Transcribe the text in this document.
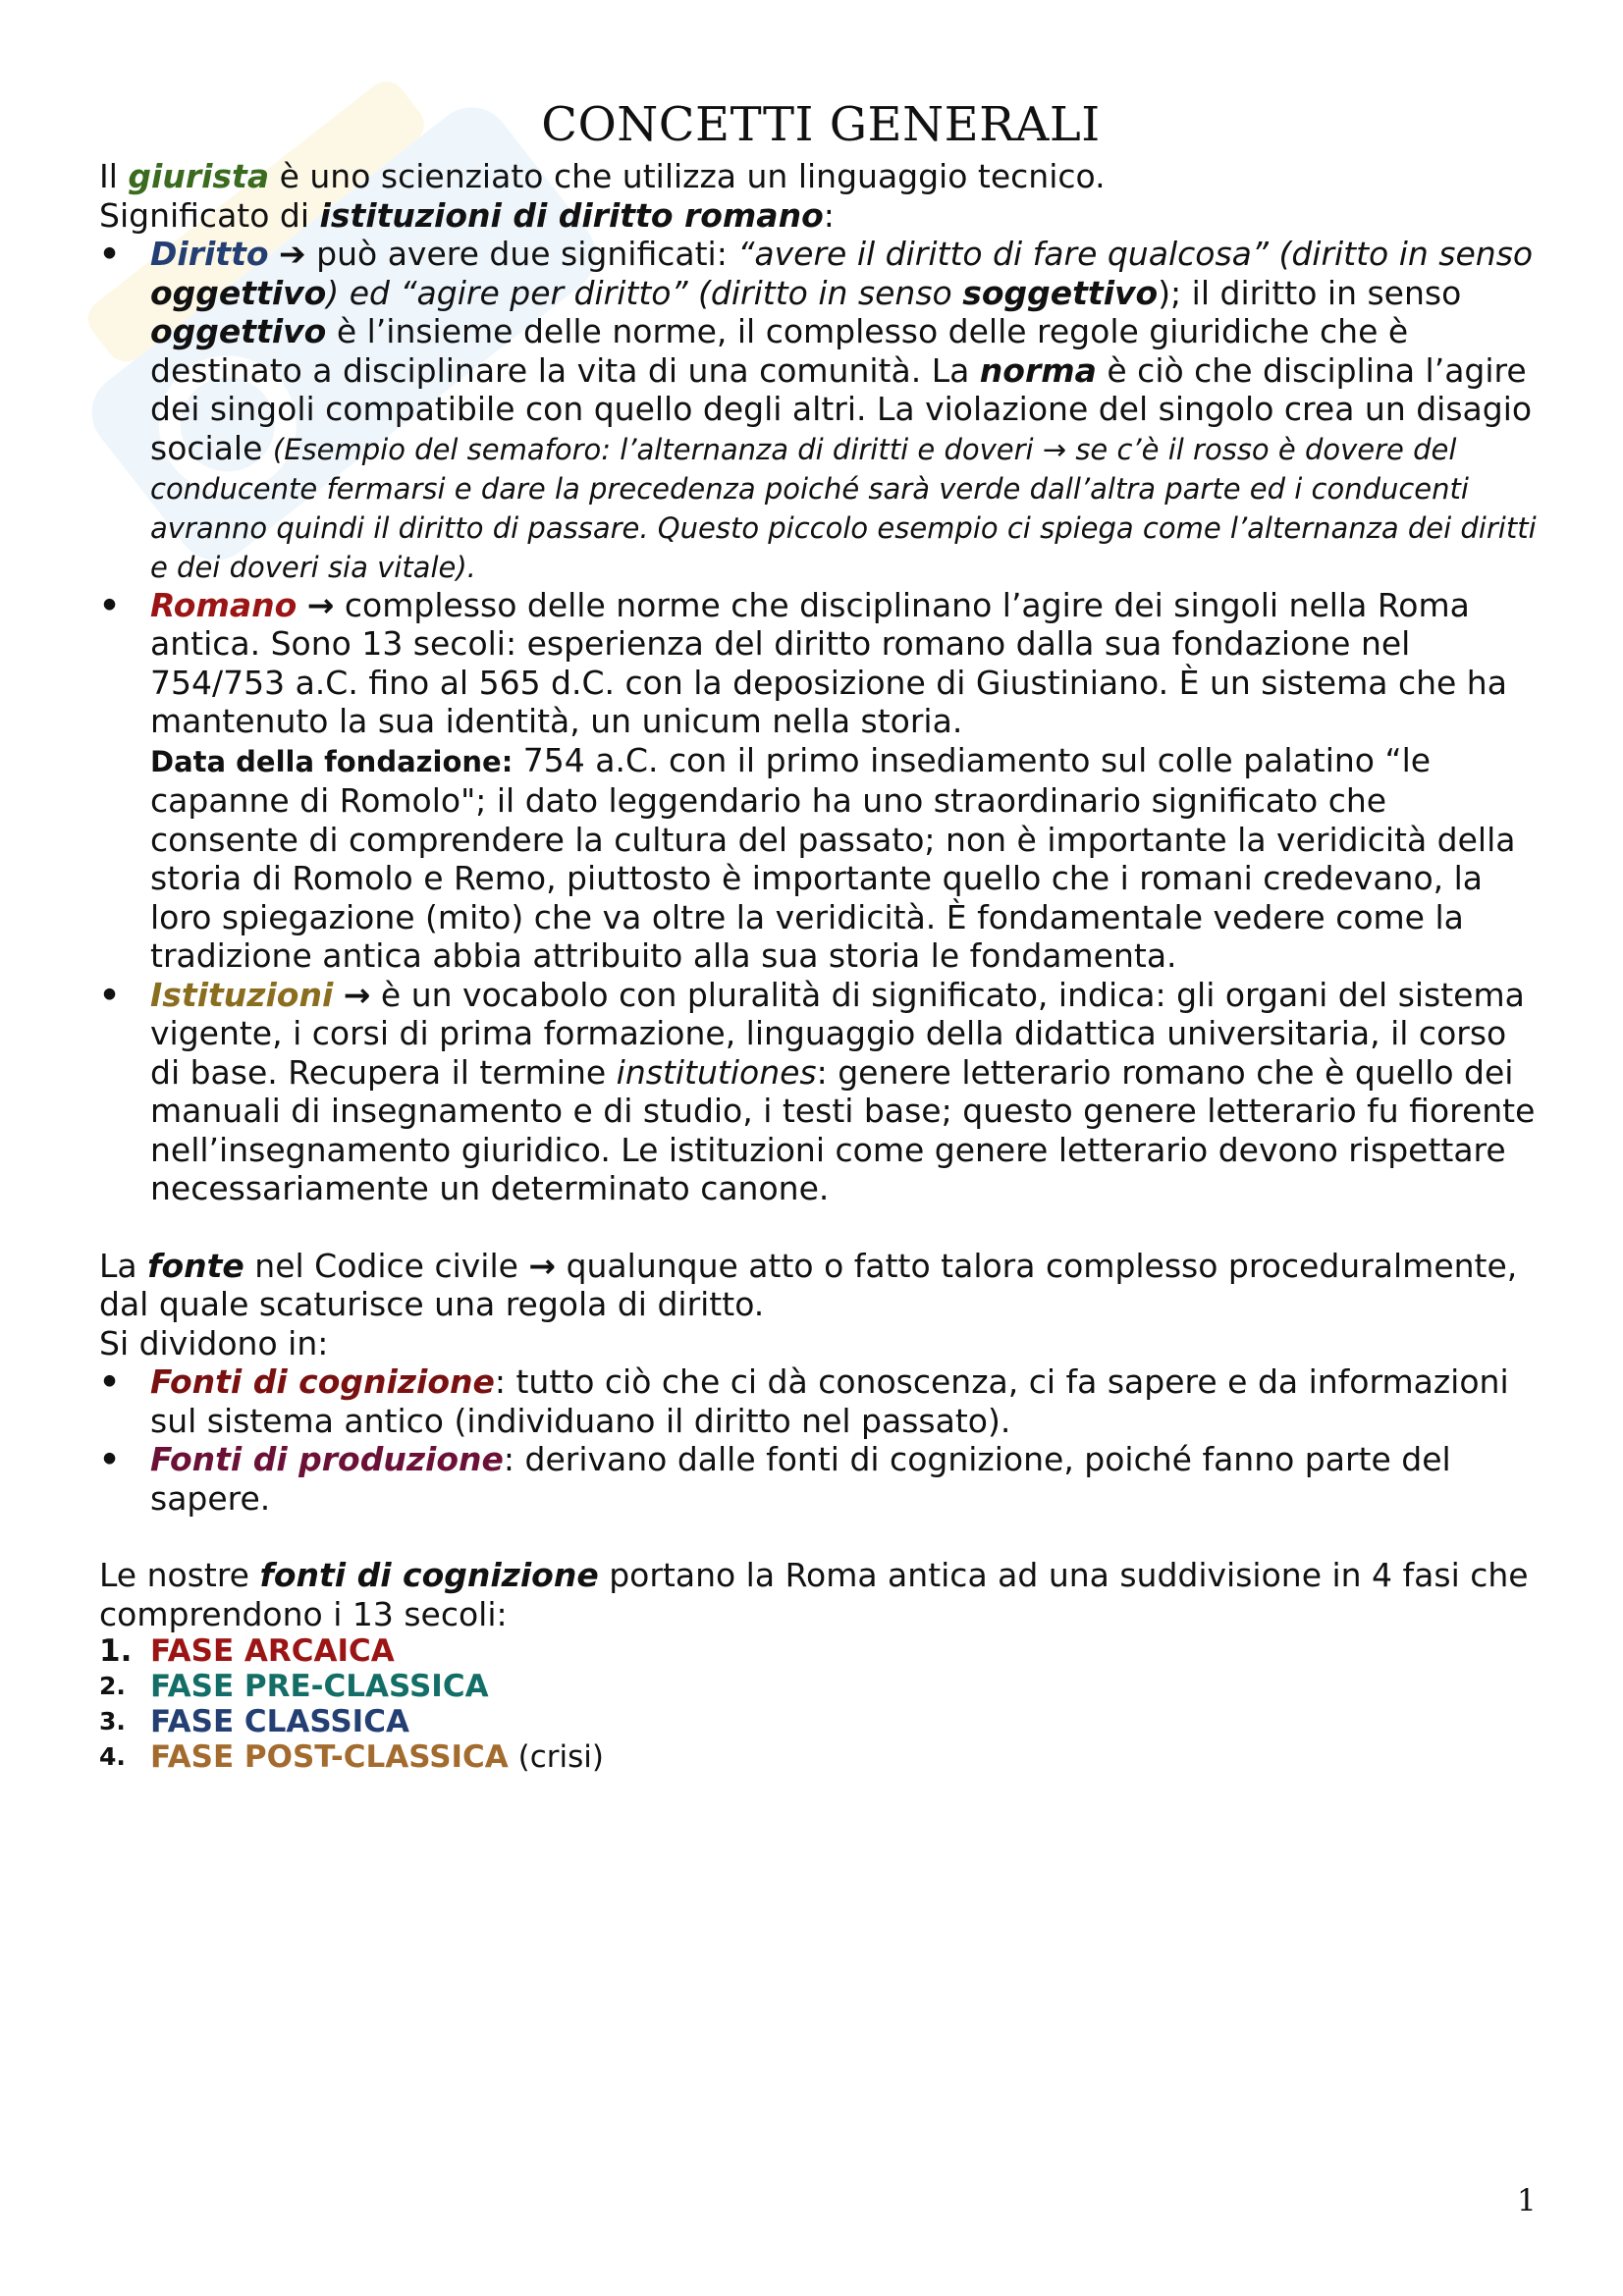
CONCETTI GENERALI

Il giurista è uno scienziato che utilizza un linguaggio tecnico.

Significato di istituzioni di diritto romano:

• Diritto ➔ può avere due significati: “avere il diritto di fare qualcosa” (diritto in senso oggettivo) ed “agire per diritto” (diritto in senso soggettivo); il diritto in senso oggettivo è l’insieme delle norme, il complesso delle regole giuridiche che è destinato a disciplinare la vita di una comunità. La norma è ciò che disciplina l’agire dei singoli compatibile con quello degli altri. La violazione del singolo crea un disagio sociale (Esempio del semaforo: l’alternanza di diritti e doveri → se c’è il rosso è dovere del conducente fermarsi e dare la precedenza poiché sarà verde dall’altra parte ed i conducenti avranno quindi il diritto di passare. Questo piccolo esempio ci spiega come l’alternanza dei diritti e dei doveri sia vitale).
• Romano → complesso delle norme che disciplinano l’agire dei singoli nella Roma antica. Sono 13 secoli: esperienza del diritto romano dalla sua fondazione nel 754/753 a.C. fino al 565 d.C. con la deposizione di Giustiniano. È un sistema che ha mantenuto la sua identità, un unicum nella storia.
Data della fondazione: 754 a.C. con il primo insediamento sul colle palatino “le capanne di Romolo"; il dato leggendario ha uno straordinario significato che consente di comprendere la cultura del passato; non è importante la veridicità della storia di Romolo e Remo, piuttosto è importante quello che i romani credevano, la loro spiegazione (mito) che va oltre la veridicità. È fondamentale vedere come la tradizione antica abbia attribuito alla sua storia le fondamenta.
• Istituzioni → è un vocabolo con pluralità di significato, indica: gli organi del sistema vigente, i corsi di prima formazione, linguaggio della didattica universitaria, il corso di base. Recupera il termine institutiones: genere letterario romano che è quello dei manuali di insegnamento e di studio, i testi base; questo genere letterario fu fiorente nell’insegnamento giuridico. Le istituzioni come genere letterario devono rispettare necessariamente un determinato canone.

La fonte nel Codice civile → qualunque atto o fatto talora complesso proceduralmente, dal quale scaturisce una regola di diritto.

Si dividono in:

• Fonti di cognizione: tutto ciò che ci dà conoscenza, ci fa sapere e da informazioni sul sistema antico (individuano il diritto nel passato).
• Fonti di produzione: derivano dalle fonti di cognizione, poiché fanno parte del sapere.

Le nostre fonti di cognizione portano la Roma antica ad una suddivisione in 4 fasi che comprendono i 13 secoli:

1. FASE ARCAICA
2. FASE PRE-CLASSICA
3. FASE CLASSICA
4. FASE POST-CLASSICA (crisi)
1
